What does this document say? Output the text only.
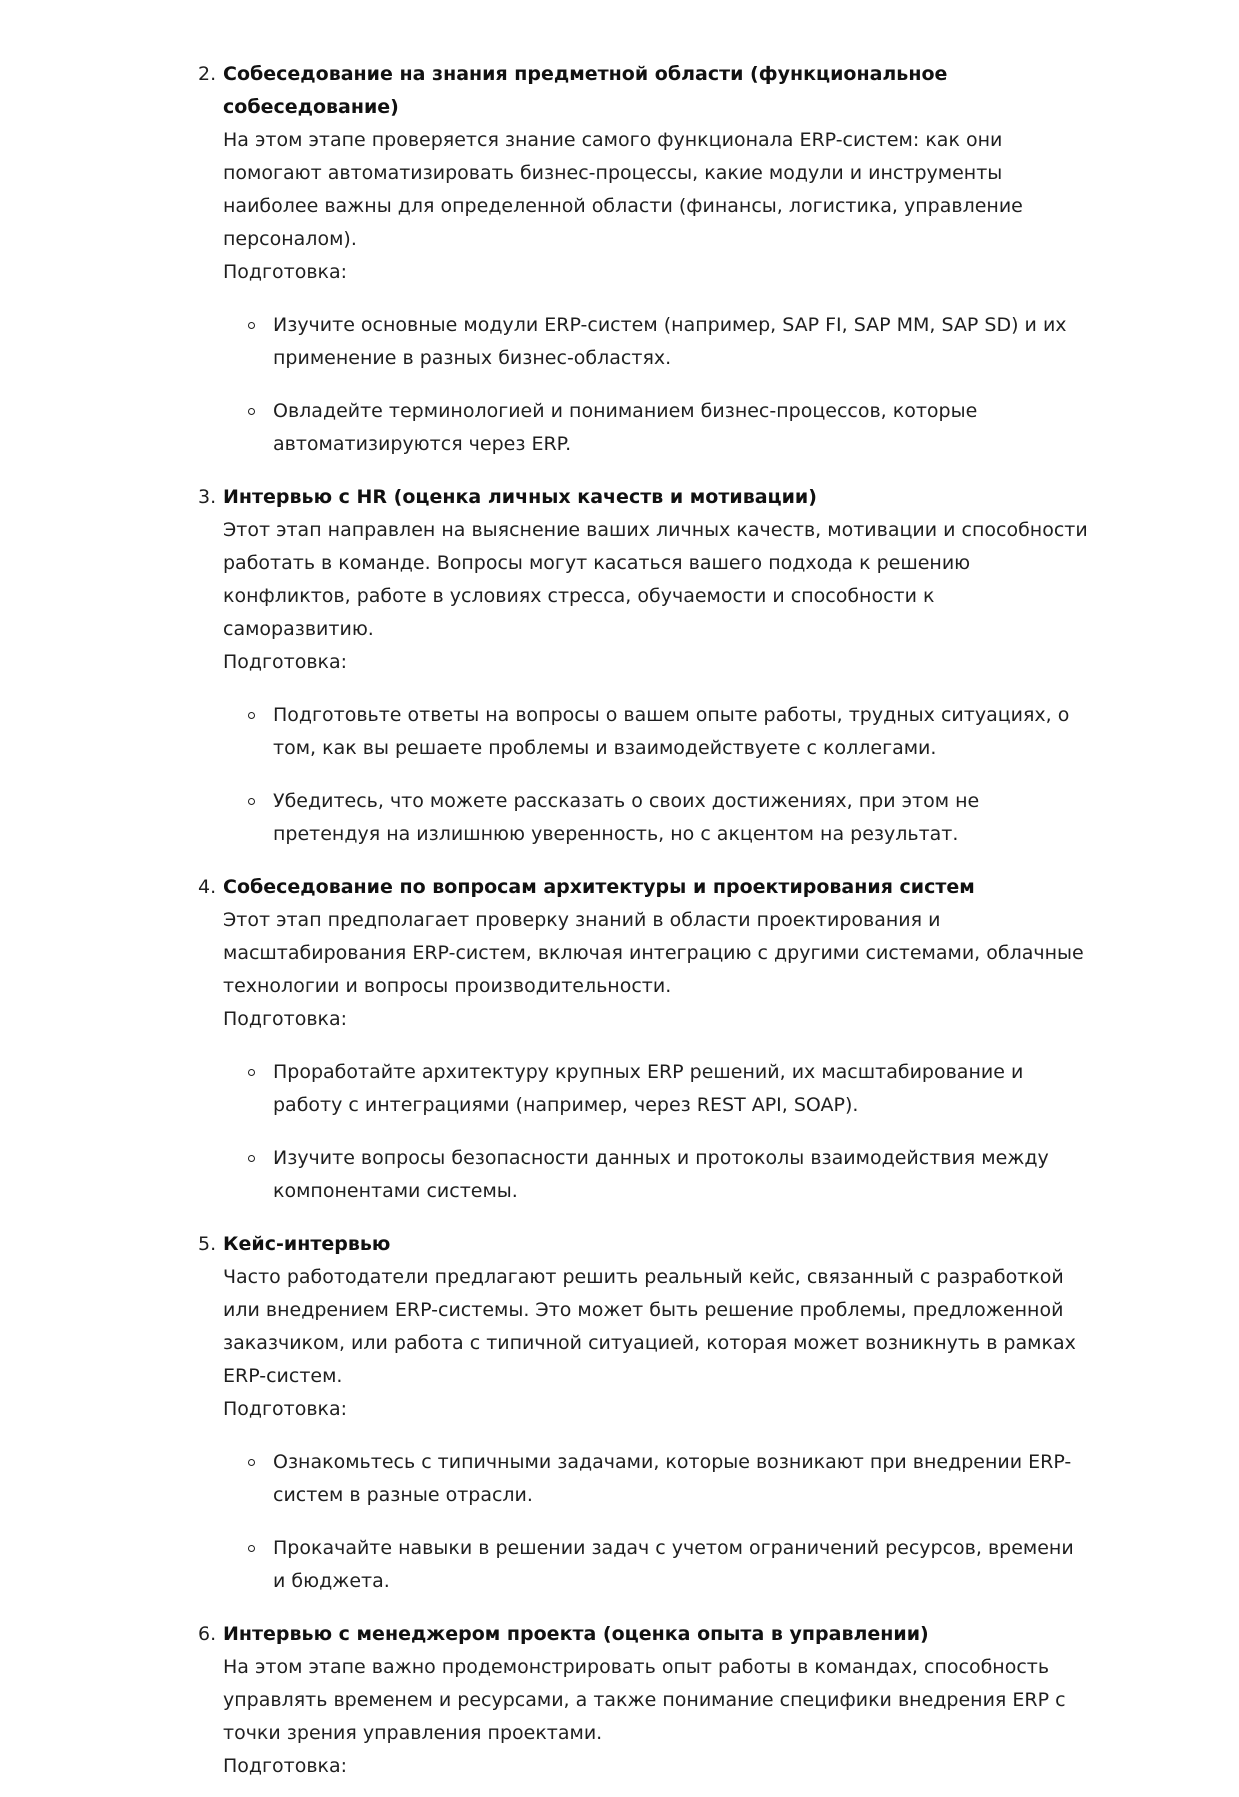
2. Собеседование на знания предметной области (функциональное собеседование)

На этом этапе проверяется знание самого функционала ERP-систем: как они помогают автоматизировать бизнес-процессы, какие модули и инструменты наиболее важны для определенной области (финансы, логистика, управление персоналом).

Подготовка:

Изучите основные модули ERP-систем (например, SAP FI, SAP MM, SAP SD) и их применение в разных бизнес-областях.
Овладейте терминологией и пониманием бизнес-процессов, которые автоматизируются через ERP.
3. Интервью с HR (оценка личных качеств и мотивации)

Этот этап направлен на выяснение ваших личных качеств, мотивации и способности работать в команде. Вопросы могут касаться вашего подхода к решению конфликтов, работе в условиях стресса, обучаемости и способности к саморазвитию.

Подготовка:

Подготовьте ответы на вопросы о вашем опыте работы, трудных ситуациях, о том, как вы решаете проблемы и взаимодействуете с коллегами.
Убедитесь, что можете рассказать о своих достижениях, при этом не претендуя на излишнюю уверенность, но с акцентом на результат.
4. Собеседование по вопросам архитектуры и проектирования систем

Этот этап предполагает проверку знаний в области проектирования и масштабирования ERP-систем, включая интеграцию с другими системами, облачные технологии и вопросы производительности.

Подготовка:

Проработайте архитектуру крупных ERP решений, их масштабирование и работу с интеграциями (например, через REST API, SOAP).
Изучите вопросы безопасности данных и протоколы взаимодействия между компонентами системы.
5. Кейс-интервью

Часто работодатели предлагают решить реальный кейс, связанный с разработкой или внедрением ERP-системы. Это может быть решение проблемы, предложенной заказчиком, или работа с типичной ситуацией, которая может возникнуть в рамках ERP-систем.

Подготовка:

Ознакомьтесь с типичными задачами, которые возникают при внедрении ERP-систем в разные отрасли.
Прокачайте навыки в решении задач с учетом ограничений ресурсов, времени и бюджета.
6. Интервью с менеджером проекта (оценка опыта в управлении)

На этом этапе важно продемонстрировать опыт работы в командах, способность управлять временем и ресурсами, а также понимание специфики внедрения ERP с точки зрения управления проектами.

Подготовка:
